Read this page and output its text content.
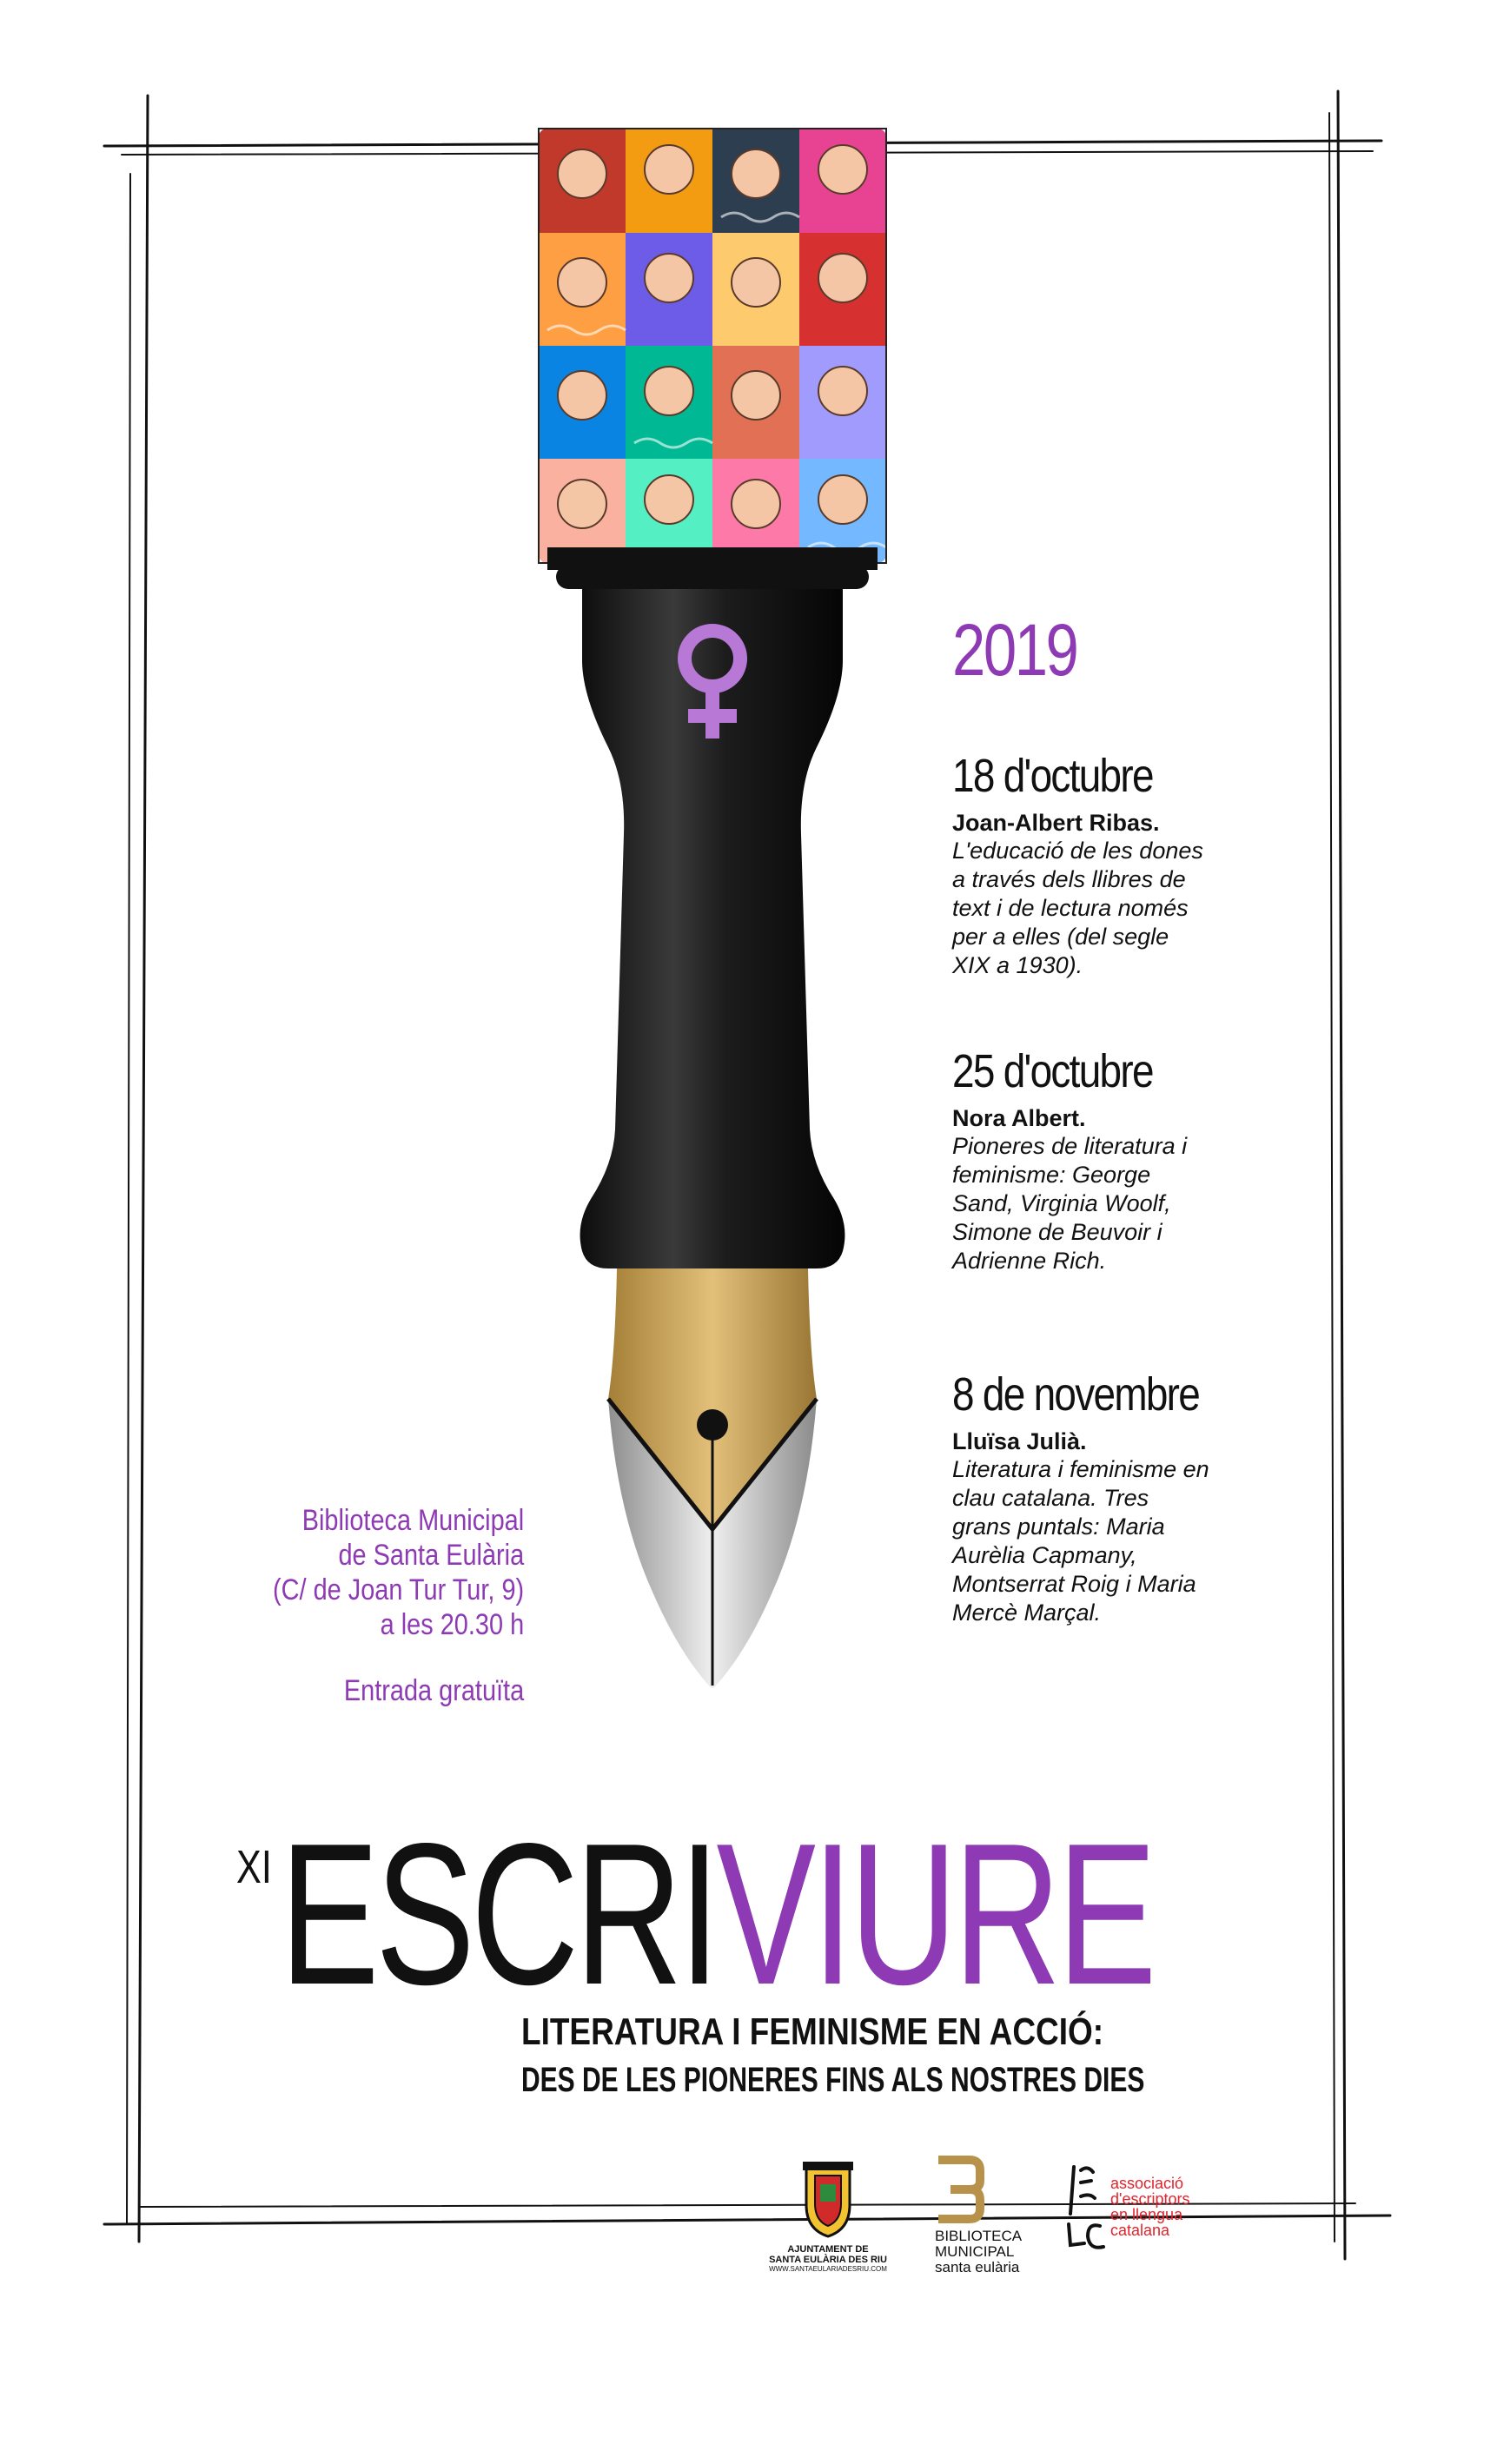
2019
18 d'octubre
Joan-Albert Ribas.
L'educació de les dones a través dels llibres de text i de lectura només per a elles (del segle XIX a 1930).
25 d'octubre
Nora Albert.
Pioneres de literatura i feminisme: George Sand, Virginia Woolf, Simone de Beuvoir i Adrienne Rich.
8 de novembre
Lluïsa Julià.
Literatura i feminisme en clau catalana. Tres grans puntals: Maria Aurèlia Capmany, Montserrat Roig i Maria Mercè Marçal.
Biblioteca Municipal
de Santa Eulària
(C/ de Joan Tur Tur, 9)
a les 20.30 h
Entrada gratuïta
XI ESCRIVIURE
LITERATURA I FEMINISME EN ACCIÓ:
DES DE LES PIONERES FINS ALS NOSTRES DIES
AJUNTAMENT DE
SANTA EULÀRIA DES RIU
WWW.SANTAEULARIADESRIU.COM
BIBLIOTECA
MUNICIPAL
santa eulària
associació
d'escriptors
en llengua
catalana
